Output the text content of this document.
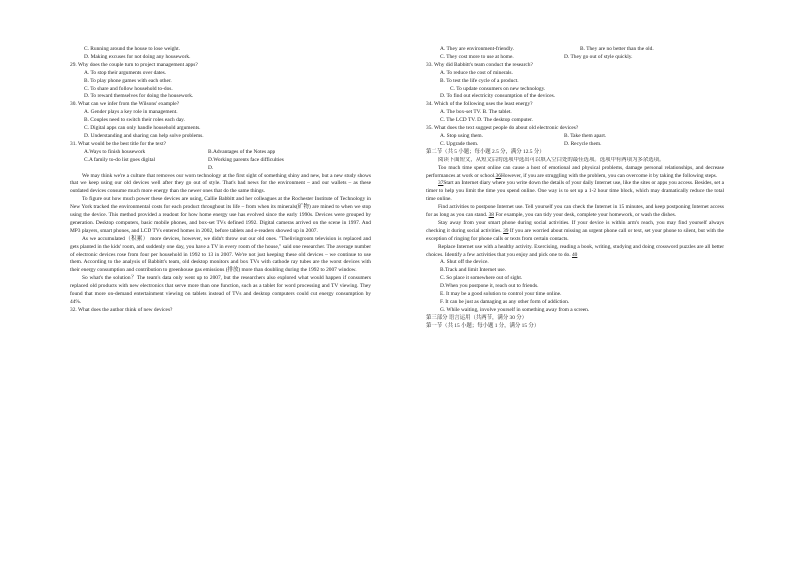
C. Running around the house to lose weight.
D. Making excuses for not doing any housework.
29. Why does the couple turn to project management apps?
A. To stop their arguments over dates.
B. To play phone games with each other.
C. To share and follow household to-dos.
D. To reward themselves for doing the housework.
30. What can we infer from the Wilsons' example?
A. Gender plays a key role in management.
B. Couples need to switch their roles each day.
C. Digital apps can only handle household arguments.
D. Understanding and sharing can help solve problems.
31. What would be the best title for the text?
A.Ways to finish housework	B.Advantages of the Notes app
C.A family to-do list goes digital	D.Working parents face difficulties
D.

We may think we're a culture that removes our worn technology at the first sight of something shiny and new, but a new study shows that we keep using our old devices well after they go out of style. That's bad news for the environment – and our wallets – as these outdated devices consume much more energy than the newer ones that do the same things.

To figure out how much power these devices are using, Callie Babbitt and her colleagues at the Rochester Institute of Technology in New York tracked the environmental costs for each product throughout its life – from when its minerals(矿物) are mined to when we stop using the device. This method provided a readout for how home energy use has evolved since the early 1990s. Devices were grouped by generation. Desktop computers, basic mobile phones, and box-set TVs defined 1992. Digital cameras arrived on the scene in 1997. And MP3 players, smart phones, and LCD TVs entered homes in 2002, before tablets and e-readers showed up in 2007.

As we accumulated（积累） more devices, however, we didn't throw out our old ones. "Thelivingroom television is replaced and gets planted in the kids' room, and suddenly one day, you have a TV in every room of the house," said one researcher. The average number of electronic devices rose from four per household in 1992 to 13 in 2007. We're not just keeping these old devices – we continue to use them. According to the analysis of Babbitt's team, old desktop monitors and box TVs with cathode ray tubes are the worst devices with their energy consumption and contribution to greenhouse gas emissions (排放) more than doubling during the 1992 to 2007 window.

So what's the solution？The team's data only went up to 2007, but the researchers also explored what would happen if consumers replaced old products with new electronics that serve more than one function, such as a tablet for word processing and TV viewing. They found that more on-demand entertainment viewing on tablets instead of TVs and desktop computers could cut energy consumption by 44%.

32. What does the author think of new devices?
A. They are environment-friendly.	B. They are no better than the old.
C. They cost more to use at home.	D. They go out of style quickly.
33. Why did Babbitt's team conduct the research?
A. To reduce the cost of minerals.
B. To test the life cycle of a product.
C. To update consumers on new technology.
D. To find out electricity consumption of the devices.
34. Which of the following uses the least energy?
A. The box-set TV. B. The tablet.
C. The LCD TV. D. The desktop computer.
35. What does the text suggest people do about old electronic devices?
A. Stop using them.	B. Take them apart.
C. Upgrade them.	D. Recycle them.
第二节（共 5 小题；每小题 2.5 分，满分 12.5 分）
阅读下面短文，从短文后的选项中选出可以填入空白处的最佳选项。选项中有两项为多余选项。

Too much time spent online can cause a host of emotional and physical problems, damage personal relationships, and decrease performances at work or school.36However, if you are struggling with the problem, you can overcome it by taking the following steps.

37Start an Internet diary where you write down the details of your daily Internet use, like the sites or apps you access. Besides, set a timer to help you limit the time you spend online. One way is to set up a 1-2 hour time block, which may dramatically reduce the total time online.

Find activities to postpone Internet use. Tell yourself you can check the Internet in 15 minutes, and keep postponing Internet access for as long as you can stand. 38 For example, you can tidy your desk, complete your homework, or wash the dishes.

Stay away from your smart phone during social activities. If your device is within arm's reach, you may find yourself always checking it during social activities. 39 If you are worried about missing an urgent phone call or text, set your phone to silent, but with the exception of ringing for phone calls or texts from certain contacts.

Replace Internet use with a healthy activity. Exercising, reading a book, writing, studying and doing crossword puzzles are all better choices. Identify a few activities that you enjoy and pick one to do. 40

A. Shut off the device.
B.Track and limit Internet use.
C. So place it somewhere out of sight.
D.When you postpone it, reach out to friends.
E. It may be a good solution to control your time online.
F. It can be just as damaging as any other form of addiction.
G. While waiting, involve yourself in something away from a screen.
第三部分 语言运用（共两节，满分 30 分）
第一节（共 15 小题；每小题 1 分，满分 15 分）
